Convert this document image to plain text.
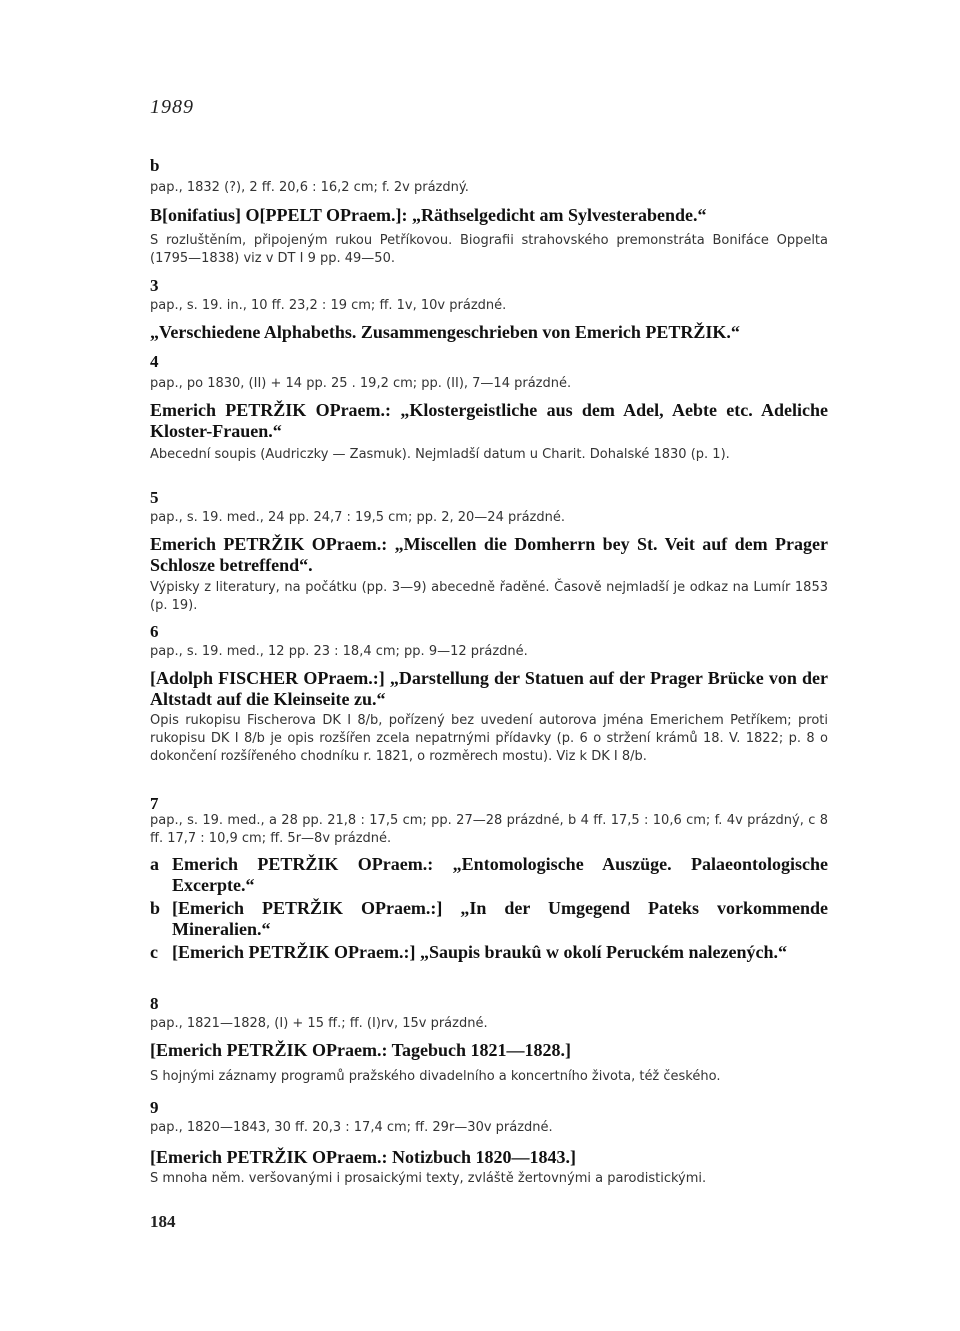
1989
b
pap., 1832 (?), 2 ff. 20,6 : 16,2 cm; f. 2v prázdný.
B[onifatius] O[PPELT OPraem.]: „Räthselgedicht am Sylvesterabende.“
S rozluštěním, připojeným rukou Petříkovou. Biografii strahovského premonstráta Bonifáce Oppelta (1795—1838) viz v DT I 9 pp. 49—50.
3
pap., s. 19. in., 10 ff. 23,2 : 19 cm; ff. 1v, 10v prázdné.
„Verschiedene Alphabeths. Zusammengeschrieben von Emerich PETRŽIK.“
4
pap., po 1830, (II) + 14 pp. 25 . 19,2 cm; pp. (II), 7—14 prázdné.
Emerich PETRŽIK OPraem.: „Klostergeistliche aus dem Adel, Aebte etc. Adeliche Kloster-Frauen.“
Abecední soupis (Audriczky — Zasmuk). Nejmladší datum u Charit. Dohalské 1830 (p. 1).
5
pap., s. 19. med., 24 pp. 24,7 : 19,5 cm; pp. 2, 20—24 prázdné.
Emerich PETRŽIK OPraem.: „Miscellen die Domherrn bey St. Veit auf dem Prager Schlosze betreffend“.
Výpisky z literatury, na počátku (pp. 3—9) abecedně řaděné. Časově nejmladší je odkaz na Lumír 1853 (p. 19).
6
pap., s. 19. med., 12 pp. 23 : 18,4 cm; pp. 9—12 prázdné.
[Adolph FISCHER OPraem.:] „Darstellung der Statuen auf der Prager Brücke von der Altstadt auf die Kleinseite zu.“
Opis rukopisu Fischerova DK I 8/b, pořízený bez uvedení autorova jména Emerichem Petříkem; proti rukopisu DK I 8/b je opis rozšířen zcela nepatrnými přídavky (p. 6 o stržení krámů 18. V. 1822; p. 8 o dokončení rozšířeného chodníku r. 1821, o rozměrech mostu). Viz k DK I 8/b.
7
pap., s. 19. med., a 28 pp. 21,8 : 17,5 cm; pp. 27—28 prázdné, b 4 ff. 17,5 : 10,6 cm; f. 4v prázdný, c 8 ff. 17,7 : 10,9 cm; ff. 5r—8v prázdné.
a Emerich PETRŽIK OPraem.: „Entomologische Auszüge. Palaeontologische Excerpte.“
b [Emerich PETRŽIK OPraem.:] „In der Umgegend Pateks vorkommende Mineralien.“
c [Emerich PETRŽIK OPraem.:] „Saupis braukû w okolí Peruckém nalezených.“
8
pap., 1821—1828, (I) + 15 ff.; ff. (I)rv, 15v prázdné.
[Emerich PETRŽIK OPraem.: Tagebuch 1821—1828.]
S hojnými záznamy programů pražského divadelního a koncertního života, též českého.
9
pap., 1820—1843, 30 ff. 20,3 : 17,4 cm; ff. 29r—30v prázdné.
[Emerich PETRŽIK OPraem.: Notizbuch 1820—1843.]
S mnoha něm. veršovanými i prosaickými texty, zvláště žertovnými a parodistickými.
184
